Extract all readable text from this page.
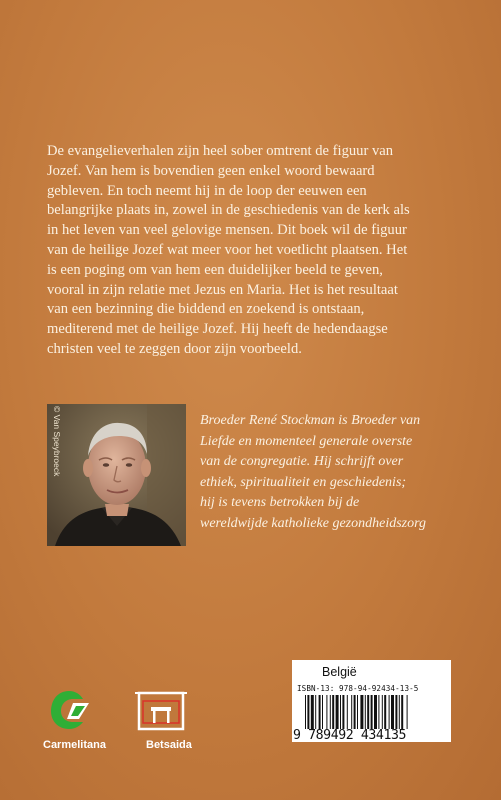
De evangelieverhalen zijn heel sober omtrent de figuur van
Jozef. Van hem is bovendien geen enkel woord bewaard
gebleven. En toch neemt hij in de loop der eeuwen een
belangrijke plaats in, zowel in de geschiedenis van de kerk als
in het leven van veel gelovige mensen. Dit boek wil de figuur
van de heilige Jozef wat meer voor het voetlicht plaatsen. Het
is een poging om van hem een duidelijker beeld te geven,
vooral in zijn relatie met Jezus en Maria. Het is het resultaat
van een bezinning die biddend en zoekend is ontstaan,
mediterend met de heilige Jozef. Hij heeft de hedendaagse
christen veel te zeggen door zijn voorbeeld.
© Van Speybroeck	Broeder René Stockman is Broeder van
Liefde en momenteel generale overste
van de congregatie. Hij schrijft over
ethiek, spiritualiteit en geschiedenis;
hij is tevens betrokken bij de
wereldwijde katholieke gezondheidszorg
Carmelitana	Betsaida
België
ISBN-13: 978-94-92434-13-5
9 789492 434135
